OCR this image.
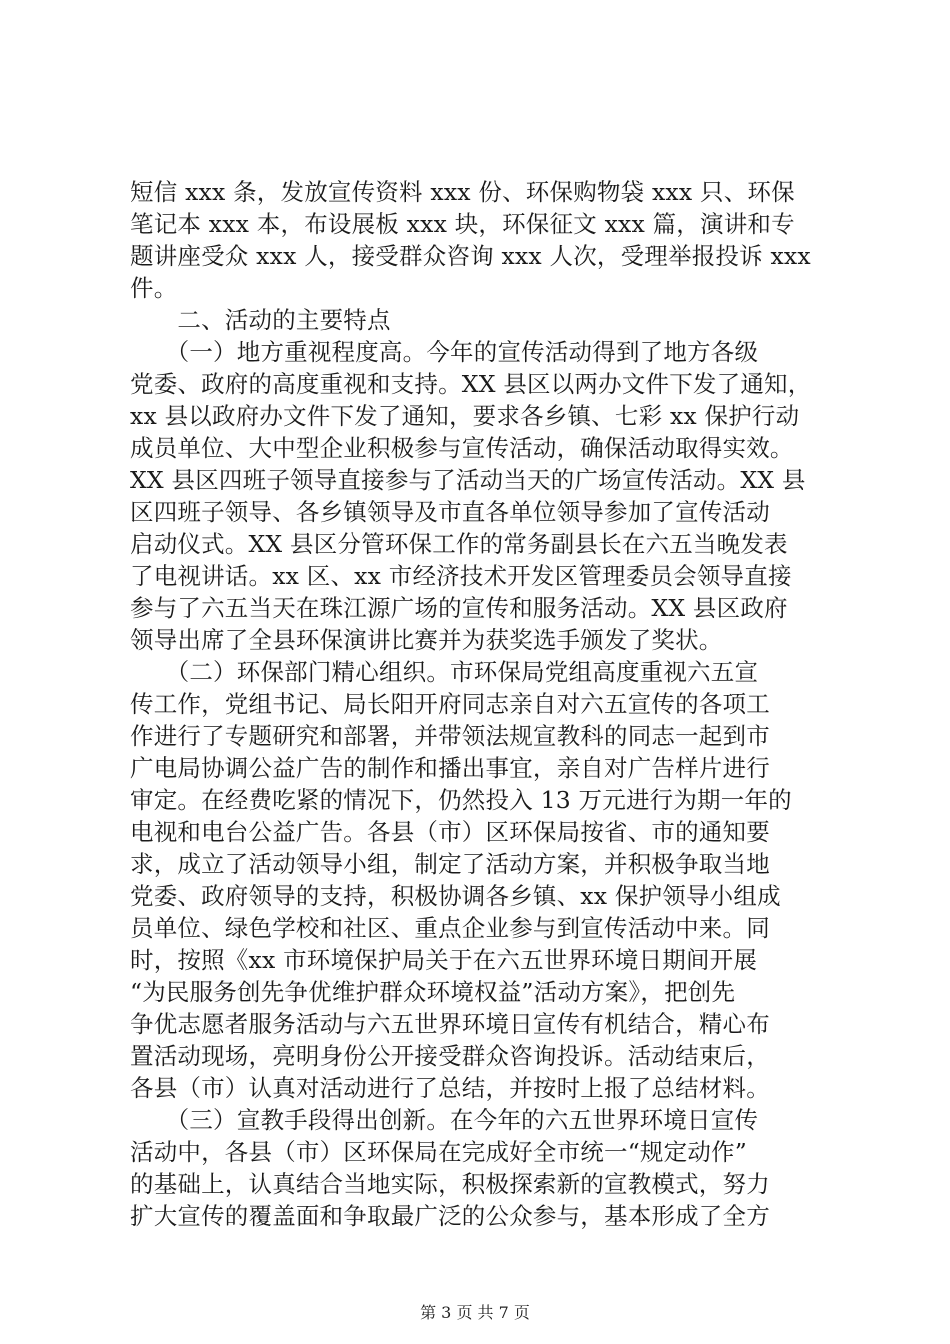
短信 xxx 条，发放宣传资料 xxx 份、环保购物袋 xxx 只、环保
笔记本 xxx 本，布设展板 xxx 块，环保征文 xxx 篇，演讲和专
题讲座受众 xxx 人，接受群众咨询 xxx 人次，受理举报投诉 xxx
件。
　　二、活动的主要特点
　　（一）地方重视程度高。今年的宣传活动得到了地方各级
党委、政府的高度重视和支持。XX 县区以两办文件下发了通知，
xx 县以政府办文件下发了通知，要求各乡镇、七彩 xx 保护行动
成员单位、大中型企业积极参与宣传活动，确保活动取得实效。
XX 县区四班子领导直接参与了活动当天的广场宣传活动。XX 县
区四班子领导、各乡镇领导及市直各单位领导参加了宣传活动
启动仪式。XX 县区分管环保工作的常务副县长在六五当晚发表
了电视讲话。xx 区、xx 市经济技术开发区管理委员会领导直接
参与了六五当天在珠江源广场的宣传和服务活动。XX 县区政府
领导出席了全县环保演讲比赛并为获奖选手颁发了奖状。
　　（二）环保部门精心组织。市环保局党组高度重视六五宣
传工作，党组书记、局长阳开府同志亲自对六五宣传的各项工
作进行了专题研究和部署，并带领法规宣教科的同志一起到市
广电局协调公益广告的制作和播出事宜，亲自对广告样片进行
审定。在经费吃紧的情况下，仍然投入 13 万元进行为期一年的
电视和电台公益广告。各县（市）区环保局按省、市的通知要
求，成立了活动领导小组，制定了活动方案，并积极争取当地
党委、政府领导的支持，积极协调各乡镇、xx 保护领导小组成
员单位、绿色学校和社区、重点企业参与到宣传活动中来。同
时，按照《xx 市环境保护局关于在六五世界环境日期间开展
“为民服务创先争优维护群众环境权益”活动方案》，把创先
争优志愿者服务活动与六五世界环境日宣传有机结合，精心布
置活动现场，亮明身份公开接受群众咨询投诉。活动结束后，
各县（市）认真对活动进行了总结，并按时上报了总结材料。
　　（三）宣教手段得出创新。在今年的六五世界环境日宣传
活动中，各县（市）区环保局在完成好全市统一“规定动作”
的基础上，认真结合当地实际，积极探索新的宣教模式，努力
扩大宣传的覆盖面和争取最广泛的公众参与，基本形成了全方
第 3 页 共 7 页
